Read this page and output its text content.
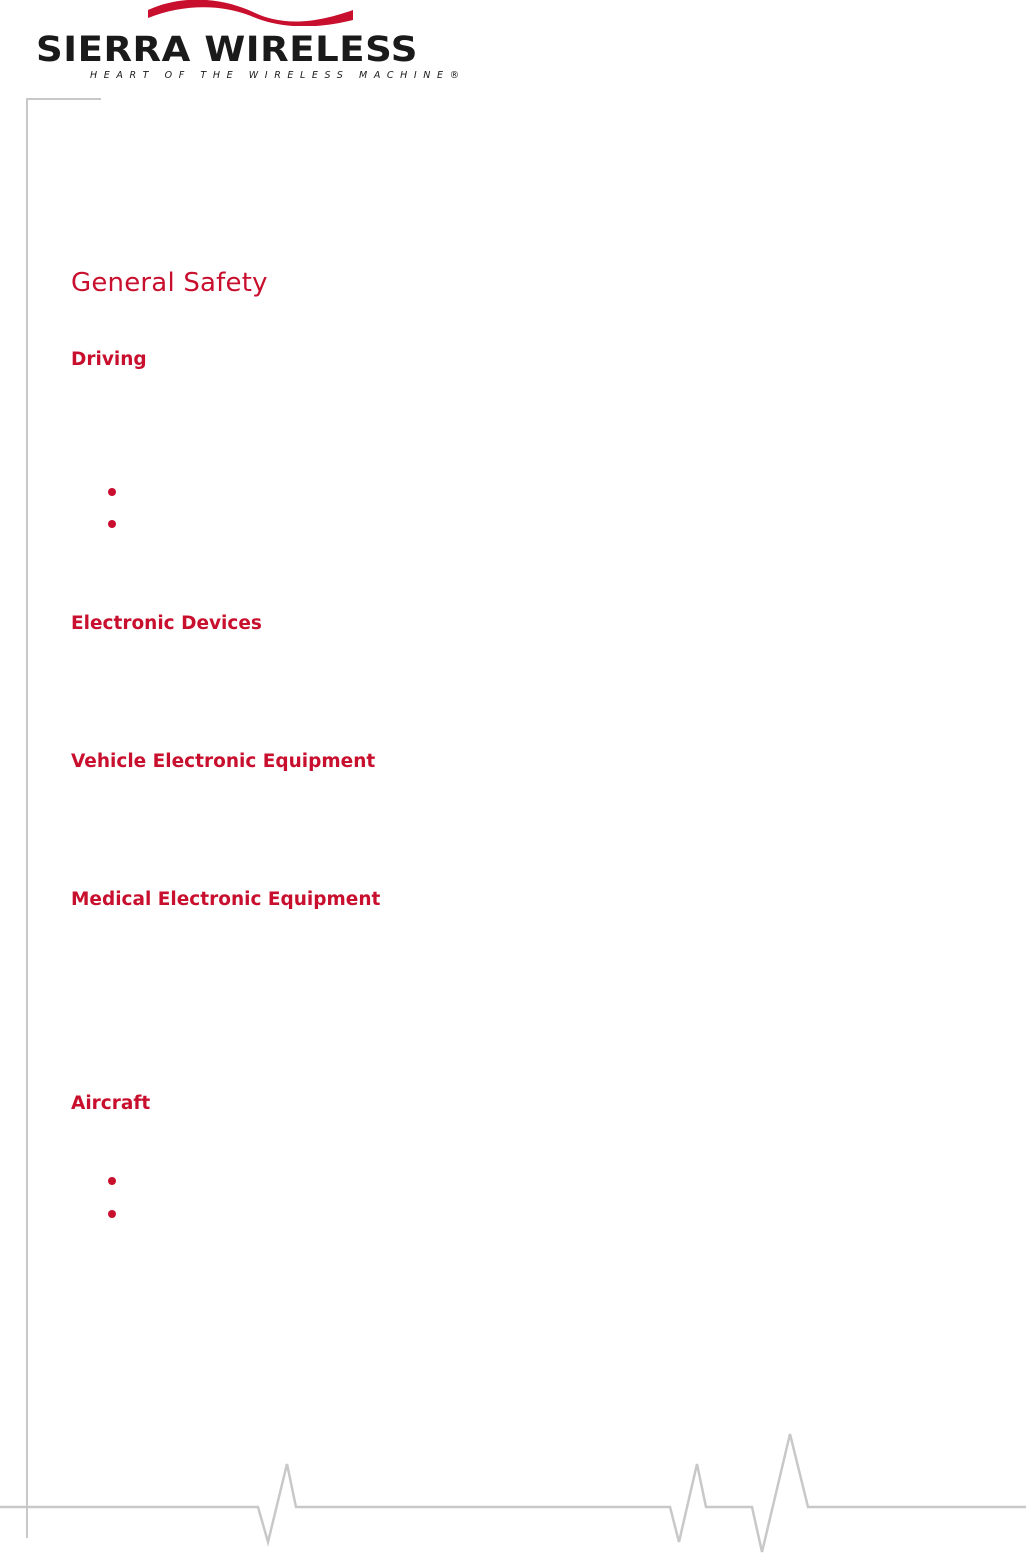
SIERRA WIRELESS
HEART OF THE WIRELESS MACHINE®
General Safety
Driving
Electronic Devices
Vehicle Electronic Equipment
Medical Electronic Equipment
Aircraft
